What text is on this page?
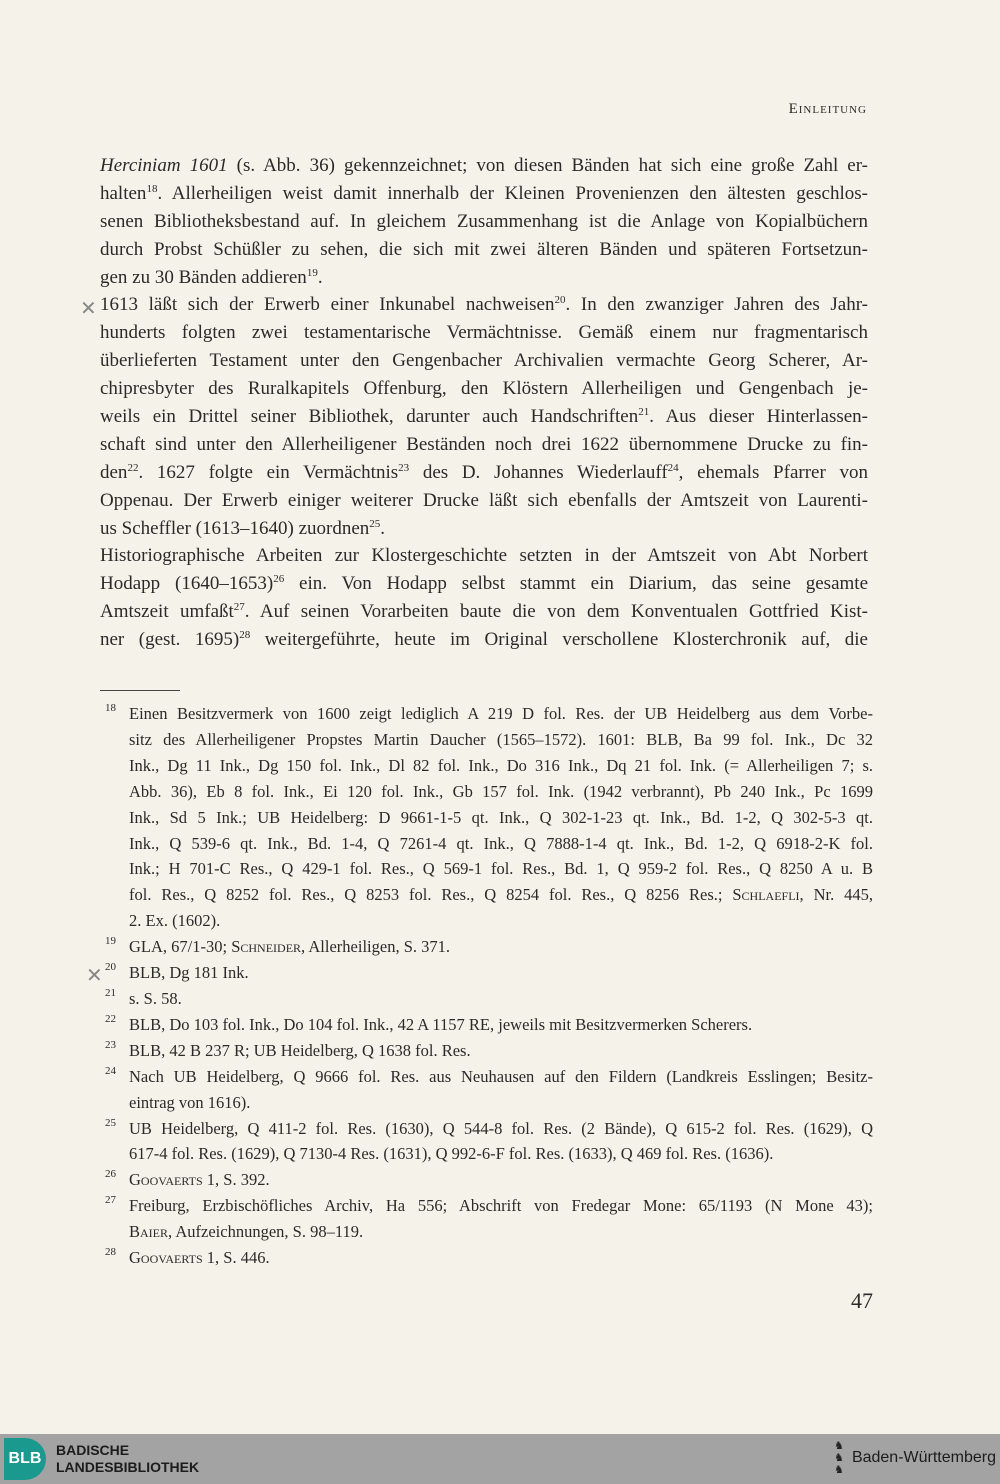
Einleitung
Herciniam 1601 (s. Abb. 36) gekennzeichnet; von diesen Bänden hat sich eine große Zahl er-
halten$^{18}$. Allerheiligen weist damit innerhalb der Kleinen Provenienzen den ältesten geschlos-
senen Bibliotheksbestand auf. In gleichem Zusammenhang ist die Anlage von Kopialbüchern
durch Probst Schüßler zu sehen, die sich mit zwei älteren Bänden und späteren Fortsetzun-
gen zu 30 Bänden addieren$^{19}$.
1613 läßt sich der Erwerb einer Inkunabel nachweisen$^{20}$. In den zwanziger Jahren des Jahr-
hunderts folgten zwei testamentarische Vermächtnisse. Gemäß einem nur fragmentarisch
überlieferten Testament unter den Gengenbacher Archivalien vermachte Georg Scherer, Ar-
chipresbyter des Ruralkapitels Offenburg, den Klöstern Allerheiligen und Gengenbach je-
weils ein Drittel seiner Bibliothek, darunter auch Handschriften$^{21}$. Aus dieser Hinterlassen-
schaft sind unter den Allerheiligener Beständen noch drei 1622 übernommene Drucke zu fin-
den$^{22}$. 1627 folgte ein Vermächtnis$^{23}$ des D. Johannes Wiederlauff$^{24}$, ehemals Pfarrer von
Oppenau. Der Erwerb einiger weiterer Drucke läßt sich ebenfalls der Amtszeit von Laurenti-
us Scheffler (1613–1640) zuordnen$^{25}$.
Historiographische Arbeiten zur Klostergeschichte setzten in der Amtszeit von Abt Norbert
Hodapp (1640–1653)$^{26}$ ein. Von Hodapp selbst stammt ein Diarium, das seine gesamte
Amtszeit umfaßt$^{27}$. Auf seinen Vorarbeiten baute die von dem Konventualen Gottfried Kist-
ner (gest. 1695)$^{28}$ weitergeführte, heute im Original verschollene Klosterchronik auf, die
✕
✕
18 Einen Besitzvermerk von 1600 zeigt lediglich A 219 D fol. Res. der UB Heidelberg aus dem Vorbe-
sitz des Allerheiligener Propstes Martin Daucher (1565–1572). 1601: BLB, Ba 99 fol. Ink., Dc 32
Ink., Dg 11 Ink., Dg 150 fol. Ink., Dl 82 fol. Ink., Do 316 Ink., Dq 21 fol. Ink. (= Allerheiligen 7; s.
Abb. 36), Eb 8 fol. Ink., Ei 120 fol. Ink., Gb 157 fol. Ink. (1942 verbrannt), Pb 240 Ink., Pc 1699
Ink., Sd 5 Ink.; UB Heidelberg: D 9661-1-5 qt. Ink., Q 302-1-23 qt. Ink., Bd. 1-2, Q 302-5-3 qt.
Ink., Q 539-6 qt. Ink., Bd. 1-4, Q 7261-4 qt. Ink., Q 7888-1-4 qt. Ink., Bd. 1-2, Q 6918-2-K fol.
Ink.; H 701-C Res., Q 429-1 fol. Res., Q 569-1 fol. Res., Bd. 1, Q 959-2 fol. Res., Q 8250 A u. B
fol. Res., Q 8252 fol. Res., Q 8253 fol. Res., Q 8254 fol. Res., Q 8256 Res.; Schlaefli, Nr. 445,
2. Ex. (1602).
19 GLA, 67/1-30; Schneider, Allerheiligen, S. 371.
20 BLB, Dg 181 Ink.
21 s. S. 58.
22 BLB, Do 103 fol. Ink., Do 104 fol. Ink., 42 A 1157 RE, jeweils mit Besitzvermerken Scherers.
23 BLB, 42 B 237 R; UB Heidelberg, Q 1638 fol. Res.
24 Nach UB Heidelberg, Q 9666 fol. Res. aus Neuhausen auf den Fildern (Landkreis Esslingen; Besitz-
eintrag von 1616).
25 UB Heidelberg, Q 411-2 fol. Res. (1630), Q 544-8 fol. Res. (2 Bände), Q 615-2 fol. Res. (1629), Q
617-4 fol. Res. (1629), Q 7130-4 Res. (1631), Q 992-6-F fol. Res. (1633), Q 469 fol. Res. (1636).
26 Goovaerts 1, S. 392.
27 Freiburg, Erzbischöfliches Archiv, Ha 556; Abschrift von Fredegar Mone: 65/1193 (N Mone 43);
Baier, Aufzeichnungen, S. 98–119.
28 Goovaerts 1, S. 446.
47
BLB BADISCHE
LANDESBIBLIOTHEK
♞
♞
♞
Baden-Württemberg
